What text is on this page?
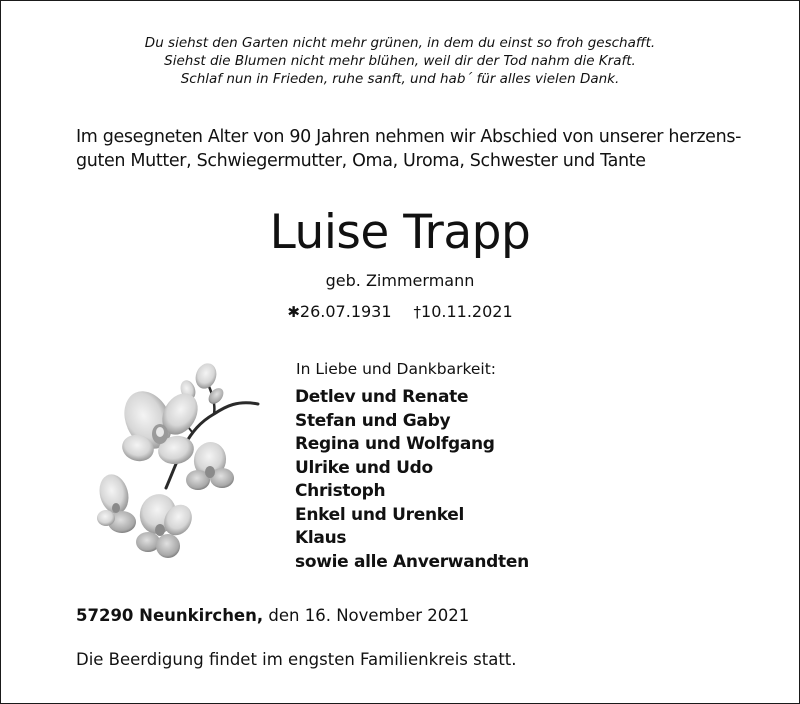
Du siehst den Garten nicht mehr grünen, in dem du einst so froh geschafft.
Siehst die Blumen nicht mehr blühen, weil dir der Tod nahm die Kraft.
Schlaf nun in Frieden, ruhe sanft, und hab´ für alles vielen Dank.
Im gesegneten Alter von 90 Jahren nehmen wir Abschied von unserer herzens-
guten Mutter, Schwiegermutter, Oma, Uroma, Schwester und Tante
Luise Trapp
geb. Zimmermann
✱26.07.1931 †10.11.2021
In Liebe und Dankbarkeit:
Detlev und Renate
Stefan und Gaby
Regina und Wolfgang
Ulrike und Udo
Christoph
Enkel und Urenkel
Klaus
sowie alle Anverwandten
57290 Neunkirchen, den 16. November 2021
Die Beerdigung findet im engsten Familienkreis statt.
